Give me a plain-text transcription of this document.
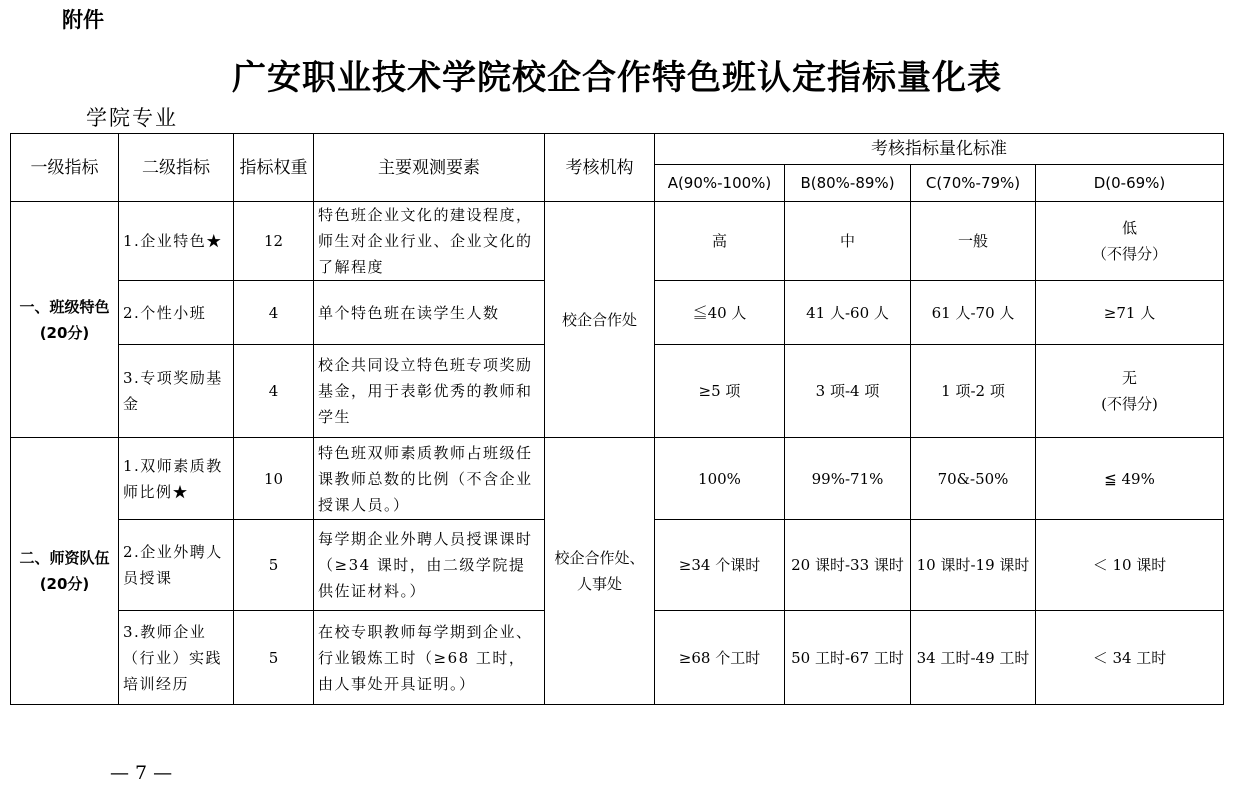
附件
广安职业技术学院校企合作特色班认定指标量化表
学院专业
一级指标	二级指标	指标权重	主要观测要素	考核机构	考核指标量化标准			
					A(90%-100%)	B(80%-89%)	C(70%-79%)	D(0-69%)
一、班级特色(20分)	1.企业特色★	12	特色班企业文化的建设程度，师生对企业行业、企业文化的了解程度	校企合作处	高	中	一般	低
（不得分）

	2.个性小班	4	单个特色班在读学生人数		≦40 人	41 人-60 人	61 人-70 人	≥71 人
	3.专项奖励基金	4	校企共同设立特色班专项奖励基金，用于表彰优秀的教师和学生		≥5 项	3 项-4 项	1 项-2 项	无
(不得分)

二、师资队伍(20分)	1.双师素质教师比例★	10	特色班双师素质教师占班级任课教师总数的比例（不含企业授课人员。）	校企合作处、人事处	100%	99%-71%	70&-50%	≦ 49%
	2.企业外聘人员授课	5	每学期企业外聘人员授课课时（≥34 课时，由二级学院提供佐证材料。）		≥34 个课时	20 课时-33 课时	10 课时-19 课时	＜ 10 课时
	3.教师企业（行业）实践培训经历	5	在校专职教师每学期到企业、行业锻炼工时（≥68 工时，由人事处开具证明。）		≥68 个工时	50 工时-67 工时	34 工时-49 工时	＜ 34 工时
— 7 —
